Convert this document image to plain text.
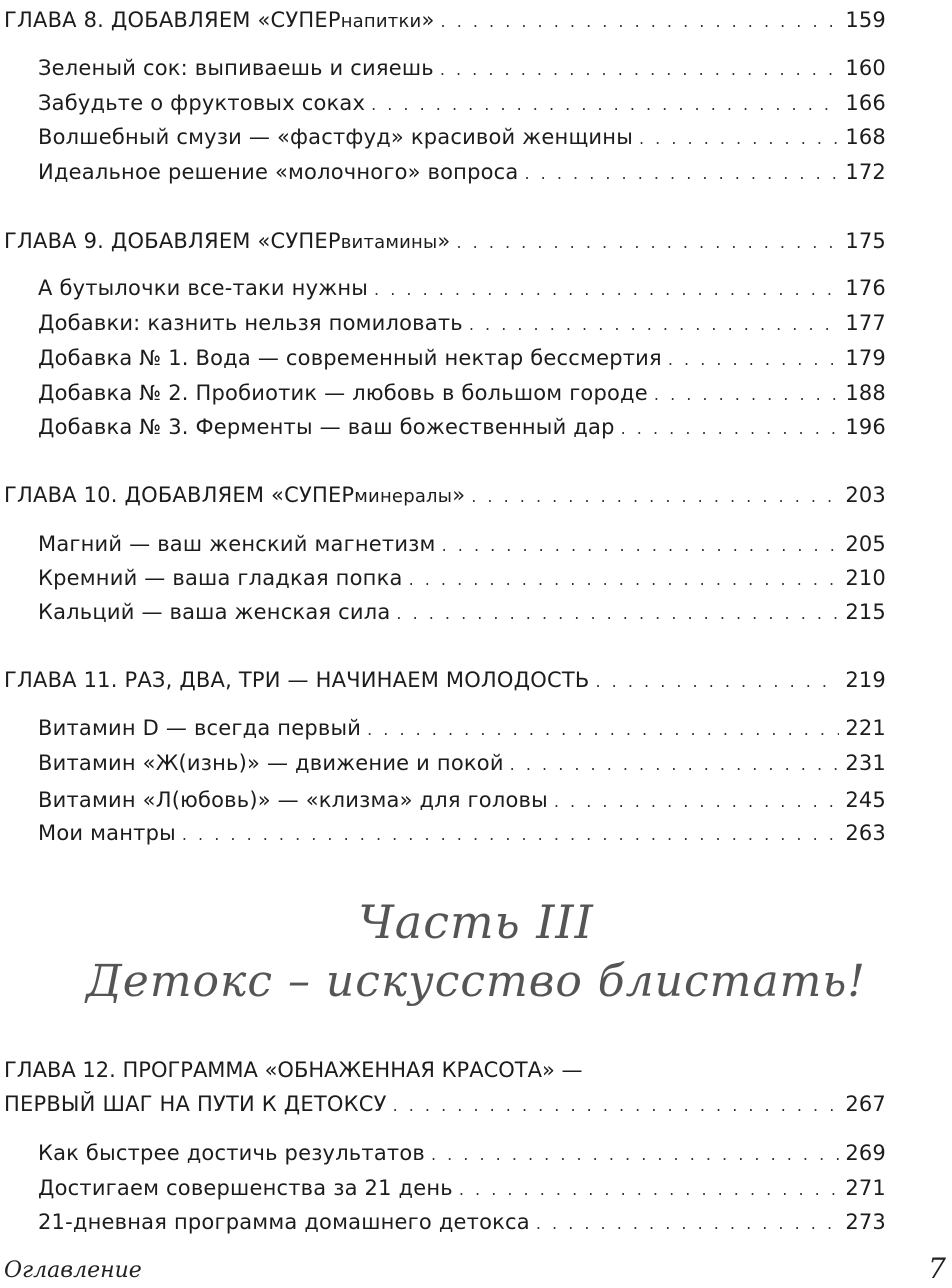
ГЛАВА 8. ДОБАВЛЯЕМ «СУПЕРнапитки» . . .	159
Зеленый сок: выпиваешь и сияешь . . .	160
Забудьте о фруктовых соках . . .	166
Волшебный смузи — «фастфуд» красивой женщины . . .	168
Идеальное решение «молочного» вопроса . . .	172
ГЛАВА 9. ДОБАВЛЯЕМ «СУПЕРвитамины» . . .	175
А бутылочки все-таки нужны . . .	176
Добавки: казнить нельзя помиловать . . .	177
Добавка № 1. Вода — современный нектар бессмертия . . .	179
Добавка № 2. Пробиотик — любовь в большом городе . . .	188
Добавка № 3. Ферменты — ваш божественный дар . . .	196
ГЛАВА 10. ДОБАВЛЯЕМ «СУПЕРминералы» . . .	203
Магний — ваш женский магнетизм . . .	205
Кремний — ваша гладкая попка . . .	210
Кальций — ваша женская сила . . .	215
ГЛАВА 11. РАЗ, ДВА, ТРИ — НАЧИНАЕМ МОЛОДОСТЬ . . .	219
Витамин D — всегда первый . . .	221
Витамин «Ж(изнь)» — движение и покой . . .	231
Витамин «Л(юбовь)» — «клизма» для головы . . .	245
Мои мантры . . .	263
Часть III
Детокс – искусство блистать!
ГЛАВА 12. ПРОГРАММА «ОБНАЖЕННАЯ КРАСОТА» —
ПЕРВЫЙ ШАГ НА ПУТИ К ДЕТОКСУ . . .	267
Как быстрее достичь результатов . . .	269
Достигаем совершенства за 21 день . . .	271
21-дневная программа домашнего детокса . . .	273
Оглавление	7
